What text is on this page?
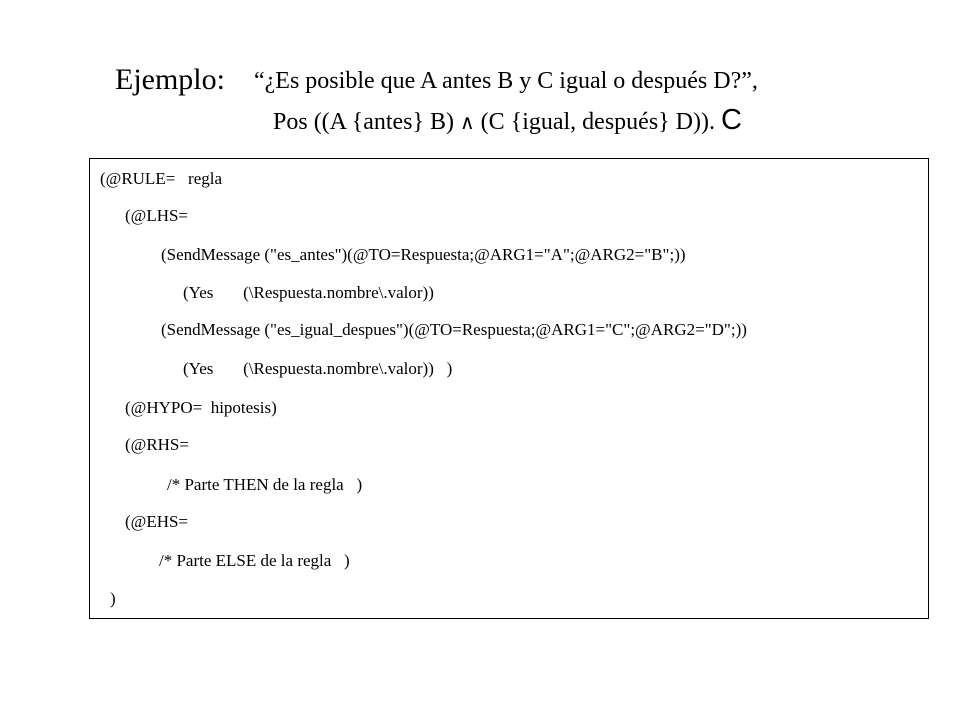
Ejemplo: “¿Es posible que A antes B y C igual o después D?”,
Pos ((A {antes} B) ∧ (C {igual, después} D)). C
(@RULE=   regla
(@LHS=
(SendMessage ("es_antes")(@TO=Respuesta;@ARG1="A";@ARG2="B";))
(Yes       (\Respuesta.nombre\.valor))
(SendMessage ("es_igual_despues")(@TO=Respuesta;@ARG1="C";@ARG2="D";))
(Yes       (\Respuesta.nombre\.valor))   )
(@HYPO=  hipotesis)
(@RHS=
/* Parte THEN de la regla   )
(@EHS=
/* Parte ELSE de la regla   )
)
